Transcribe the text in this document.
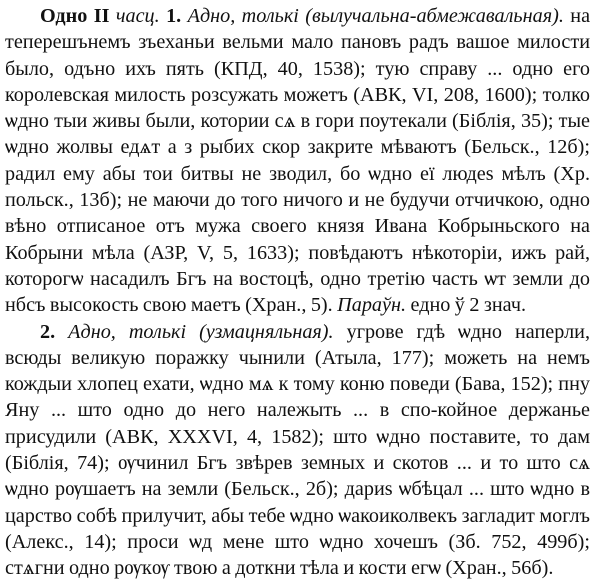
Одно II часц. 1. Адно, толькі (вылучальна-абмежавальная). на теперешънемъ зъеханьи вельми мало пановъ радъ вашое милости было, одъно ихъ пять (КПД, 40, 1538); тую справу ... одно его королевская милость розсужать можетъ (АВК, VI, 208, 1600); толко ѡдно тыи живы были, котории сѧ в гори поутекали (Біблія, 35); тые ѡдно жолвы едѧт а з рыбих скор закрите мѣваютъ (Бельск., 12б); радил ему абы тои битвы не зводил, бо ѡдно еї людеѕ мѣлъ (Хр. польск., 13б); не маючи до того ничого и не будучи отчичкою, одно вѣно отписаное отъ мужа своего князя Ивана Кобрыньского на Кобрыни мѣла (АЗР, V, 5, 1633); повѣдаютъ нѣкоторіи, ижъ рай, которогѡ насадилъ Бгъ на востоцѣ, одно третію часть ѡт земли до нбсъ высокость свою маетъ (Хран., 5). Параўн. едно ў 2 знач.

2. Адно, толькі (узмацняльная). угрове гдѣ ѡдно наперли, всюды великую поражку чынили (Атыла, 177); можеть на немъ кождыи хлопец ехати, ѡдно мѧ к тому коню поведи (Бава, 152); пну Яну ... што одно до него належыть ... в спо-койное держанье присудили (АВК, XXXVI, 4, 1582); што ѡдно поставите, то дам (Біблія, 74); ѹчинил Бгъ звѣрев земных и скотов ... и то што сѧ ѡдно рѹшаетъ на земли (Бельск., 2б); дариѕ ѡбѣцал ... што ѡдно в царство собѣ прилучит, абы тебе ѡдно ѡакоиколвекъ загладит моглъ (Алекс., 14); проси ѡд мене што ѡдно хочешъ (Зб. 752, 499б); стѧгни одно рѹкѹ твою а доткни тѣла и кости егѡ (Хран., 56б).
